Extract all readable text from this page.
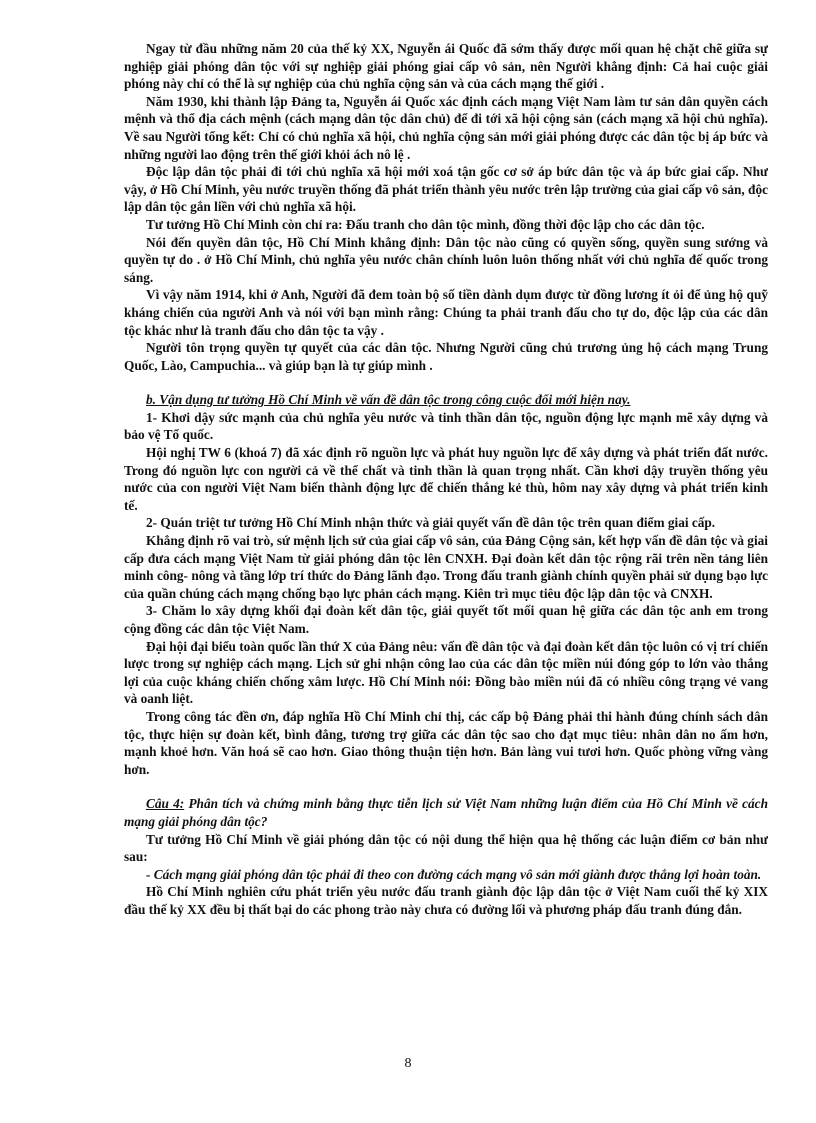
Ngay từ đầu những năm 20 của thế kỷ XX, Nguyễn ái Quốc đã sớm thấy được mối quan hệ chặt chẽ giữa sự nghiệp giải phóng dân tộc với sự nghiệp giải phóng giai cấp vô sản, nên Người khẳng định: Cả hai cuộc giải phóng này chỉ có thể là sự nghiệp của chủ nghĩa cộng sản và của cách mạng thế giới .

Năm 1930, khi thành lập Đảng ta, Nguyễn ái Quốc xác định cách mạng Việt Nam làm tư sản dân quyền cách mệnh và thổ địa cách mệnh (cách mạng dân tộc dân chủ) để đi tới xã hội cộng sản (cách mạng xã hội chủ nghĩa). Về sau Người tổng kết: Chỉ có chủ nghĩa xã hội, chủ nghĩa cộng sản mới giải phóng được các dân tộc bị áp bức và những người lao động trên thế giới khỏi ách nô lệ .

Độc lập dân tộc phải đi tới chủ nghĩa xã hội mới xoá tận gốc cơ sở áp bức dân tộc và áp bức giai cấp. Như vậy, ở Hồ Chí Minh, yêu nước truyền thống đã phát triển thành yêu nước trên lập trường của giai cấp vô sản, độc lập dân tộc gắn liền với chủ nghĩa xã hội.

Tư tưởng Hồ Chí Minh còn chỉ ra: Đấu tranh cho dân tộc mình, đồng thời độc lập cho các dân tộc.

Nói đến quyền dân tộc, Hồ Chí Minh khẳng định: Dân tộc nào cũng có quyền sống, quyền sung sướng và quyền tự do . ở Hồ Chí Minh, chủ nghĩa yêu nước chân chính luôn luôn thống nhất với chủ nghĩa đế quốc trong sáng.

Vì vậy năm 1914, khi ở Anh, Người đã đem toàn bộ số tiền dành dụm được từ đồng lương ít ỏi để ủng hộ quỹ kháng chiến của người Anh và nói với bạn mình rằng: Chúng ta phải tranh đấu cho tự do, độc lập của các dân tộc khác như là tranh đấu cho dân tộc ta vậy .

Người tôn trọng quyền tự quyết của các dân tộc. Nhưng Người cũng chủ trương ủng hộ cách mạng Trung Quốc, Lào, Campuchia... và giúp bạn là tự giúp mình .

b. Vận dụng tư tưởng Hồ Chí Minh về vấn đề dân tộc trong công cuộc đổi mới hiện nay.

1- Khơi dậy sức mạnh của chủ nghĩa yêu nước và tinh thần dân tộc, nguồn động lực mạnh mẽ xây dựng và bảo vệ Tổ quốc.

Hội nghị TW 6 (khoá 7) đã xác định rõ nguồn lực và phát huy nguồn lực để xây dựng và phát triển đất nước. Trong đó nguồn lực con người cả về thể chất và tinh thần là quan trọng nhất. Cần khơi dậy truyền thống yêu nước của con người Việt Nam biến thành động lực để chiến thắng kẻ thù, hôm nay xây dựng và phát triển kinh tế.

2- Quán triệt tư tưởng Hồ Chí Minh nhận thức và giải quyết vấn đề dân tộc trên quan điểm giai cấp.

Khẳng định rõ vai trò, sứ mệnh lịch sử của giai cấp vô sản, của Đảng Cộng sản, kết hợp vấn đề dân tộc và giai cấp đưa cách mạng Việt Nam từ giải phóng dân tộc lên CNXH. Đại đoàn kết dân tộc rộng rãi trên nền tảng liên minh công- nông và tầng lớp trí thức do Đảng lãnh đạo. Trong đấu tranh giành chính quyền phải sử dụng bạo lực của quần chúng cách mạng chống bạo lực phản cách mạng. Kiên trì mục tiêu độc lập dân tộc và CNXH.

3- Chăm lo xây dựng khối đại đoàn kết dân tộc, giải quyết tốt mối quan hệ giữa các dân tộc anh em trong cộng đồng các dân tộc Việt Nam.

Đại hội đại biểu toàn quốc lần thứ X của Đảng nêu: vấn đề dân tộc và đại đoàn kết dân tộc luôn có vị trí chiến lược trong sự nghiệp cách mạng. Lịch sử ghi nhận công lao của các dân tộc miền núi đóng góp to lớn vào thắng lợi của cuộc kháng chiến chống xâm lược. Hồ Chí Minh nói: Đồng bào miền núi đã có nhiều công trạng vẻ vang và oanh liệt.

Trong công tác đền ơn, đáp nghĩa Hồ Chí Minh chỉ thị, các cấp bộ Đảng phải thi hành đúng chính sách dân tộc, thực hiện sự đoàn kết, bình đẳng, tương trợ giữa các dân tộc sao cho đạt mục tiêu: nhân dân no ấm hơn, mạnh khoẻ hơn. Văn hoá sẽ cao hơn. Giao thông thuận tiện hơn. Bản làng vui tươi hơn. Quốc phòng vững vàng hơn.

Câu 4: Phân tích và chứng minh bằng thực tiễn lịch sử Việt Nam những luận điểm của Hồ Chí Minh về cách mạng giải phóng dân tộc?

Tư tưởng Hồ Chí Minh về giải phóng dân tộc có nội dung thể hiện qua hệ thống các luận điểm cơ bản như sau:

- Cách mạng giải phóng dân tộc phải đi theo con đường cách mạng vô sản mới giành được thắng lợi hoàn toàn.

Hồ Chí Minh nghiên cứu phát triển yêu nước đấu tranh giành độc lập dân tộc ở Việt Nam cuối thế kỷ XIX đầu thế kỷ XX đều bị thất bại do các phong trào này chưa có đường lối và phương pháp đấu tranh đúng đắn.

8
